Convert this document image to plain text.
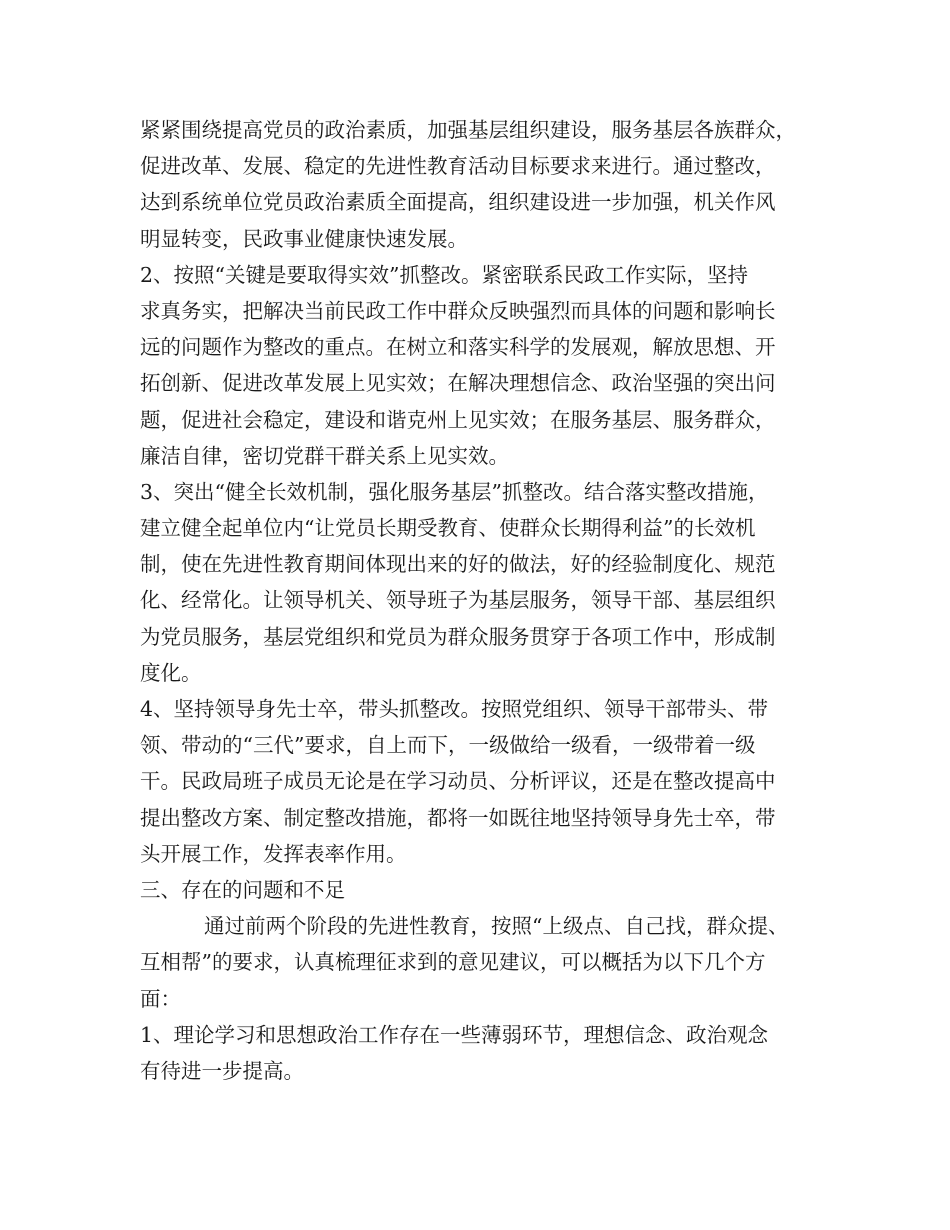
紧紧围绕提高党员的政治素质，加强基层组织建设，服务基层各族群众，
促进改革、发展、稳定的先进性教育活动目标要求来进行。通过整改，
达到系统单位党员政治素质全面提高，组织建设进一步加强，机关作风
明显转变，民政事业健康快速发展。
2、按照“关键是要取得实效”抓整改。紧密联系民政工作实际，坚持
求真务实，把解决当前民政工作中群众反映强烈而具体的问题和影响长
远的问题作为整改的重点。在树立和落实科学的发展观，解放思想、开
拓创新、促进改革发展上见实效；在解决理想信念、政治坚强的突出问
题，促进社会稳定，建设和谐克州上见实效；在服务基层、服务群众，
廉洁自律，密切党群干群关系上见实效。
3、突出“健全长效机制，强化服务基层”抓整改。结合落实整改措施，
建立健全起单位内“让党员长期受教育、使群众长期得利益”的长效机
制，使在先进性教育期间体现出来的好的做法，好的经验制度化、规范
化、经常化。让领导机关、领导班子为基层服务，领导干部、基层组织
为党员服务，基层党组织和党员为群众服务贯穿于各项工作中，形成制
度化。
4、坚持领导身先士卒，带头抓整改。按照党组织、领导干部带头、带
领、带动的“三代”要求，自上而下，一级做给一级看，一级带着一级
干。民政局班子成员无论是在学习动员、分析评议，还是在整改提高中
提出整改方案、制定整改措施，都将一如既往地坚持领导身先士卒，带
头开展工作，发挥表率作用。
三、存在的问题和不足
通过前两个阶段的先进性教育，按照“上级点、自己找，群众提、
互相帮”的要求，认真梳理征求到的意见建议，可以概括为以下几个方
面：
1、理论学习和思想政治工作存在一些薄弱环节，理想信念、政治观念
有待进一步提高。
